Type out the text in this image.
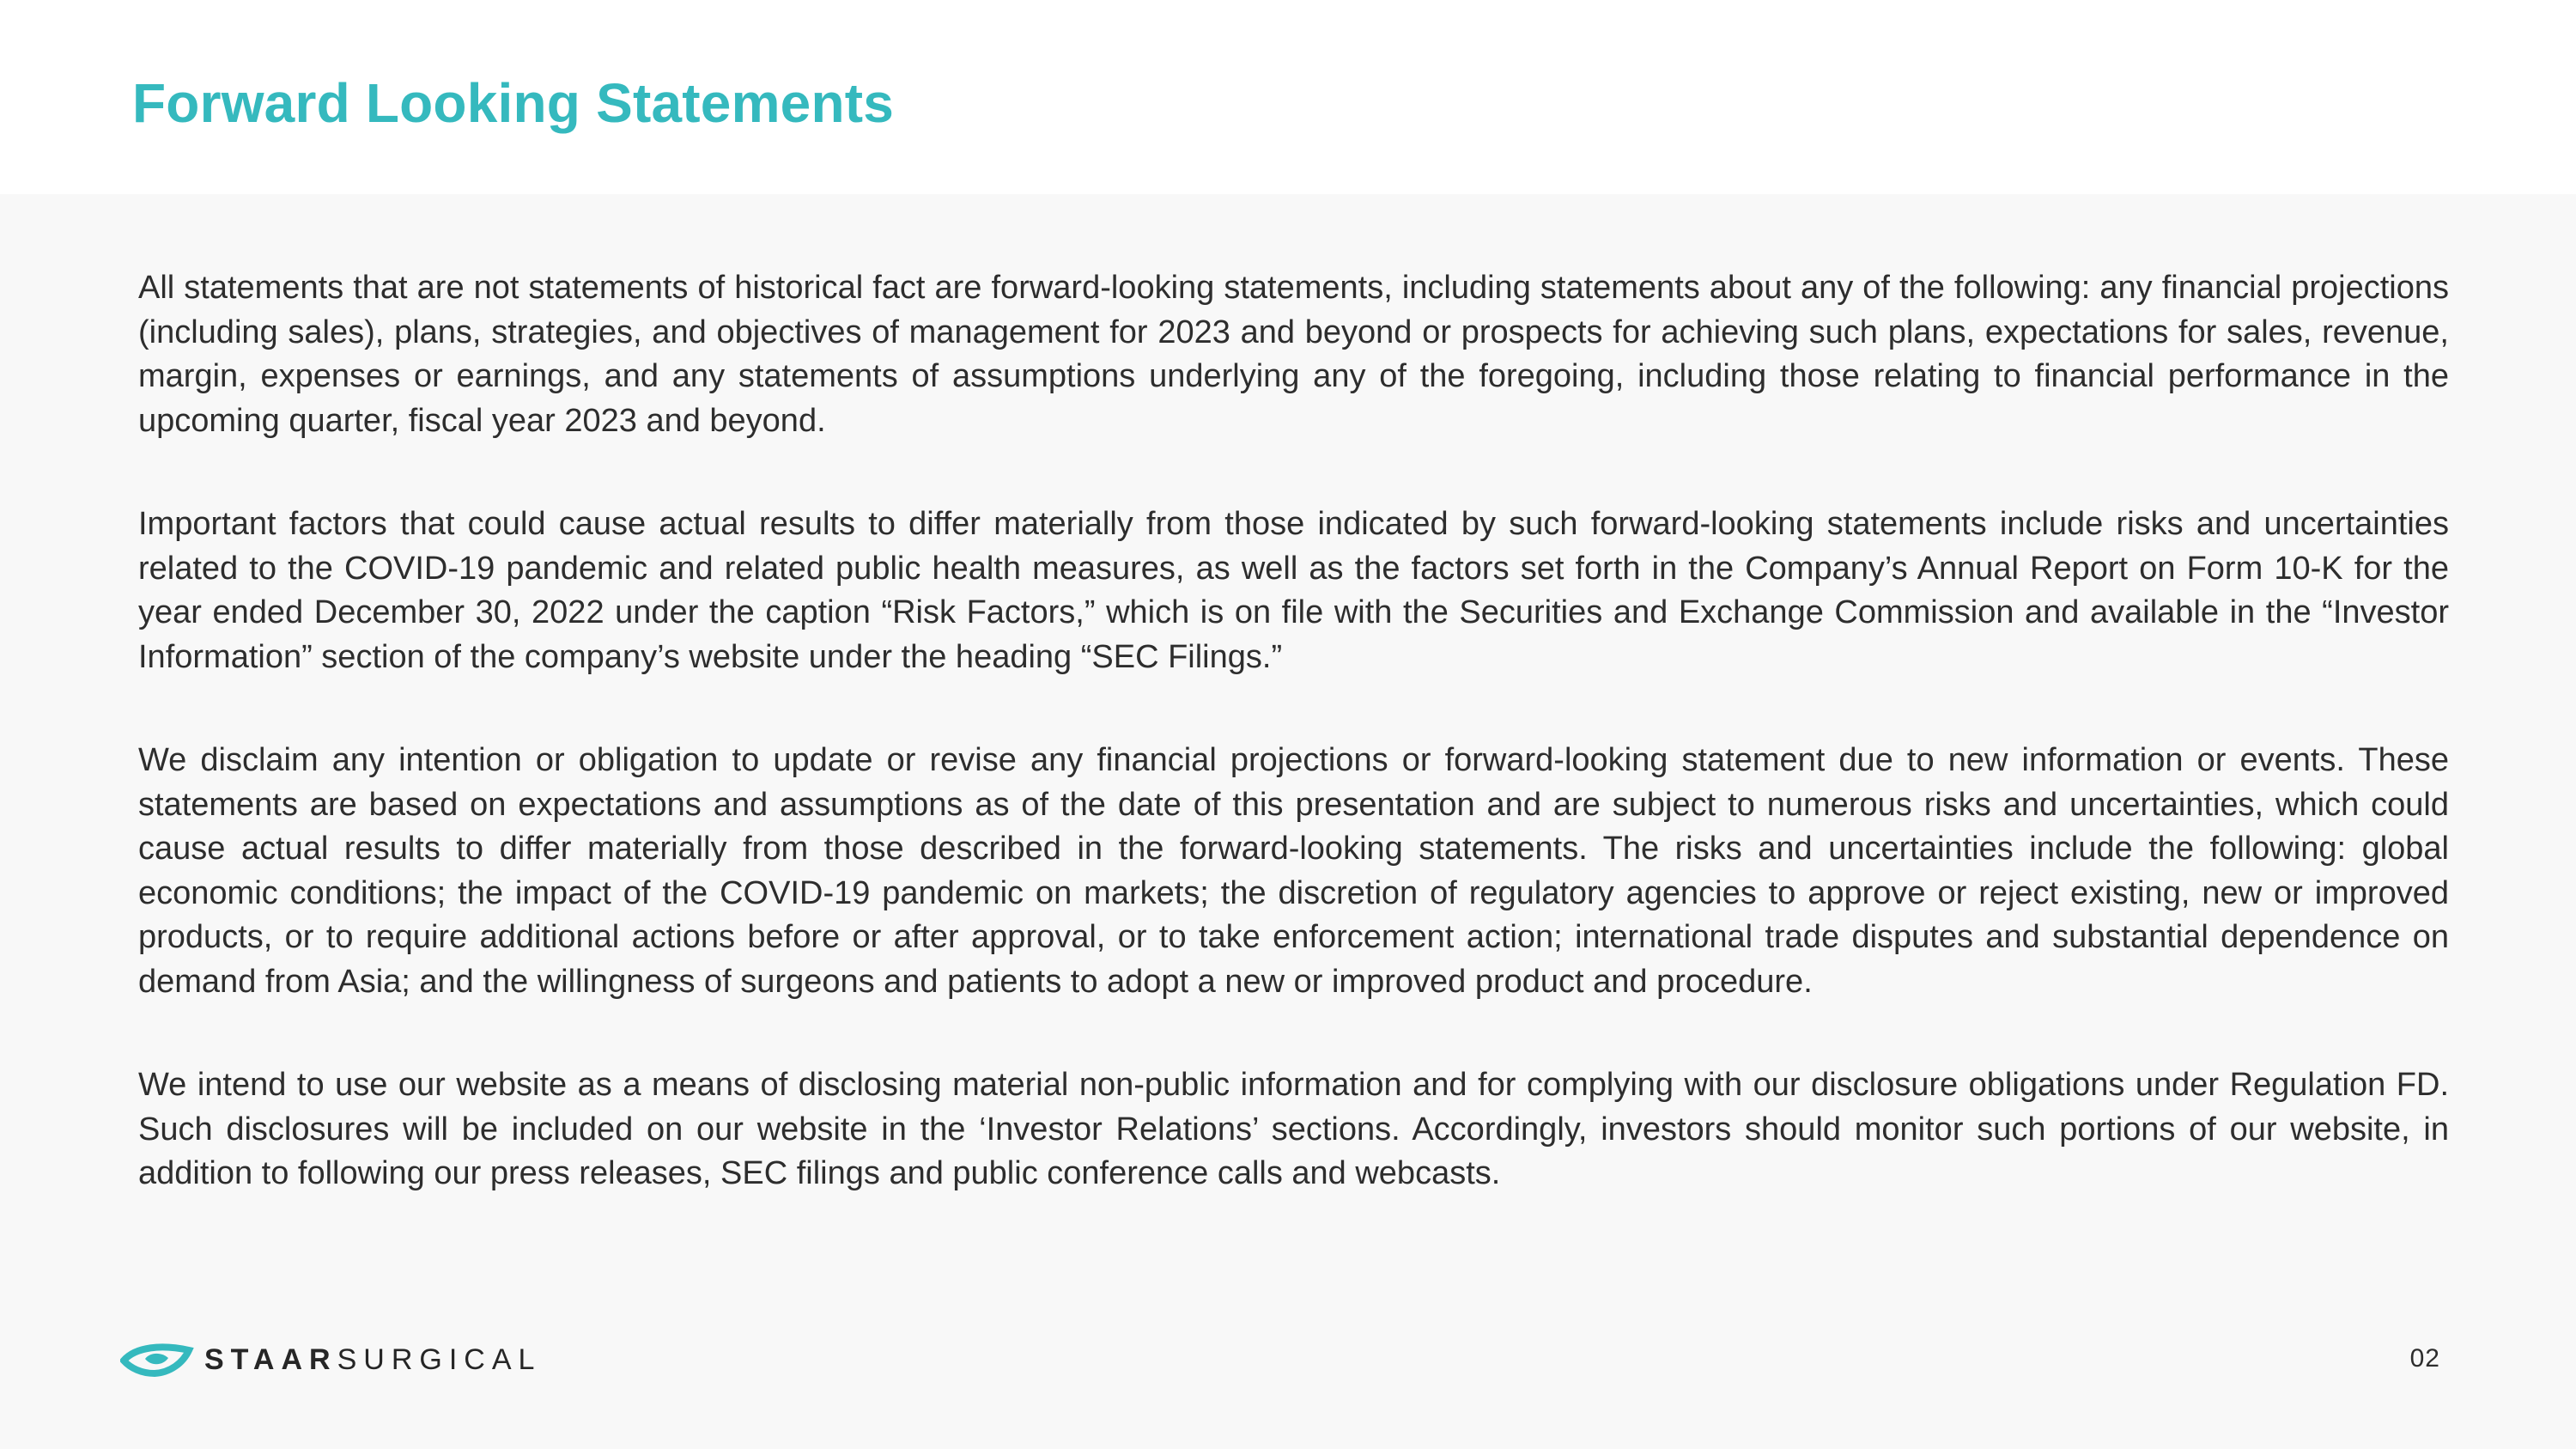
Forward Looking Statements

All statements that are not statements of historical fact are forward-looking statements, including statements about any of the following: any financial projections (including sales), plans, strategies, and objectives of management for 2023 and beyond or prospects for achieving such plans, expectations for sales, revenue, margin, expenses or earnings, and any statements of assumptions underlying any of the foregoing, including those relating to financial performance in the upcoming quarter, fiscal year 2023 and beyond.

Important factors that could cause actual results to differ materially from those indicated by such forward-looking statements include risks and uncertainties related to the COVID-19 pandemic and related public health measures, as well as the factors set forth in the Company’s Annual Report on Form 10-K for the year ended December 30, 2022 under the caption “Risk Factors,” which is on file with the Securities and Exchange Commission and available in the “Investor Information” section of the company’s website under the heading “SEC Filings.”

We disclaim any intention or obligation to update or revise any financial projections or forward-looking statement due to new information or events. These statements are based on expectations and assumptions as of the date of this presentation and are subject to numerous risks and uncertainties, which could cause actual results to differ materially from those described in the forward-looking statements. The risks and uncertainties include the following: global economic conditions; the impact of the COVID-19 pandemic on markets; the discretion of regulatory agencies to approve or reject existing, new or improved products, or to require additional actions before or after approval, or to take enforcement action; international trade disputes and substantial dependence on demand from Asia; and the willingness of surgeons and patients to adopt a new or improved product and procedure.

We intend to use our website as a means of disclosing material non-public information and for complying with our disclosure obligations under Regulation FD. Such disclosures will be included on our website in the ‘Investor Relations’ sections. Accordingly, investors should monitor such portions of our website, in addition to following our press releases, SEC filings and public conference calls and webcasts.

STAARSURGICAL	02
